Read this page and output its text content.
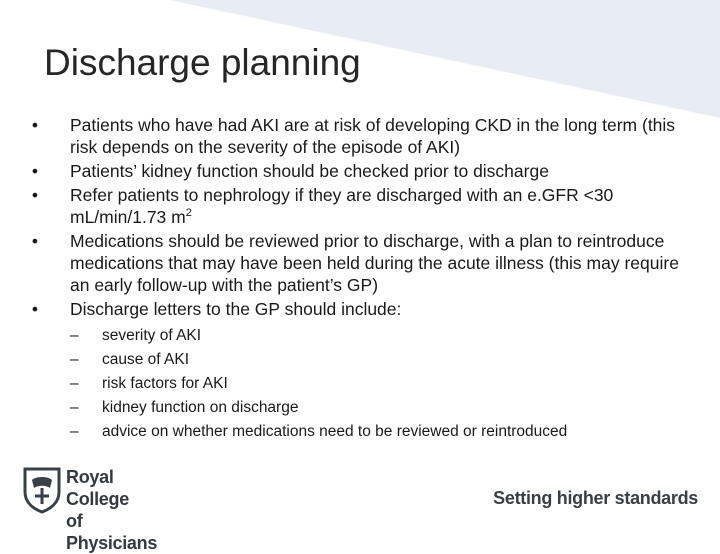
Discharge planning
• Patients who have had AKI are at risk of developing CKD in the long term (this risk depends on the severity of the episode of AKI)
• Patients’ kidney function should be checked prior to discharge
• Refer patients to nephrology if they are discharged with an e.GFR <30 mL/min/1.73 $m^2$
• Medications should be reviewed prior to discharge, with a plan to reintroduce medications that may have been held during the acute illness (this may require an early follow-up with the patient’s GP)
• Discharge letters to the GP should include:
– severity of AKI
– cause of AKI
– risk factors for AKI
– kidney function on discharge
– advice on whether medications need to be reviewed or reintroduced
Royal College
of Physicians
Setting higher standards
